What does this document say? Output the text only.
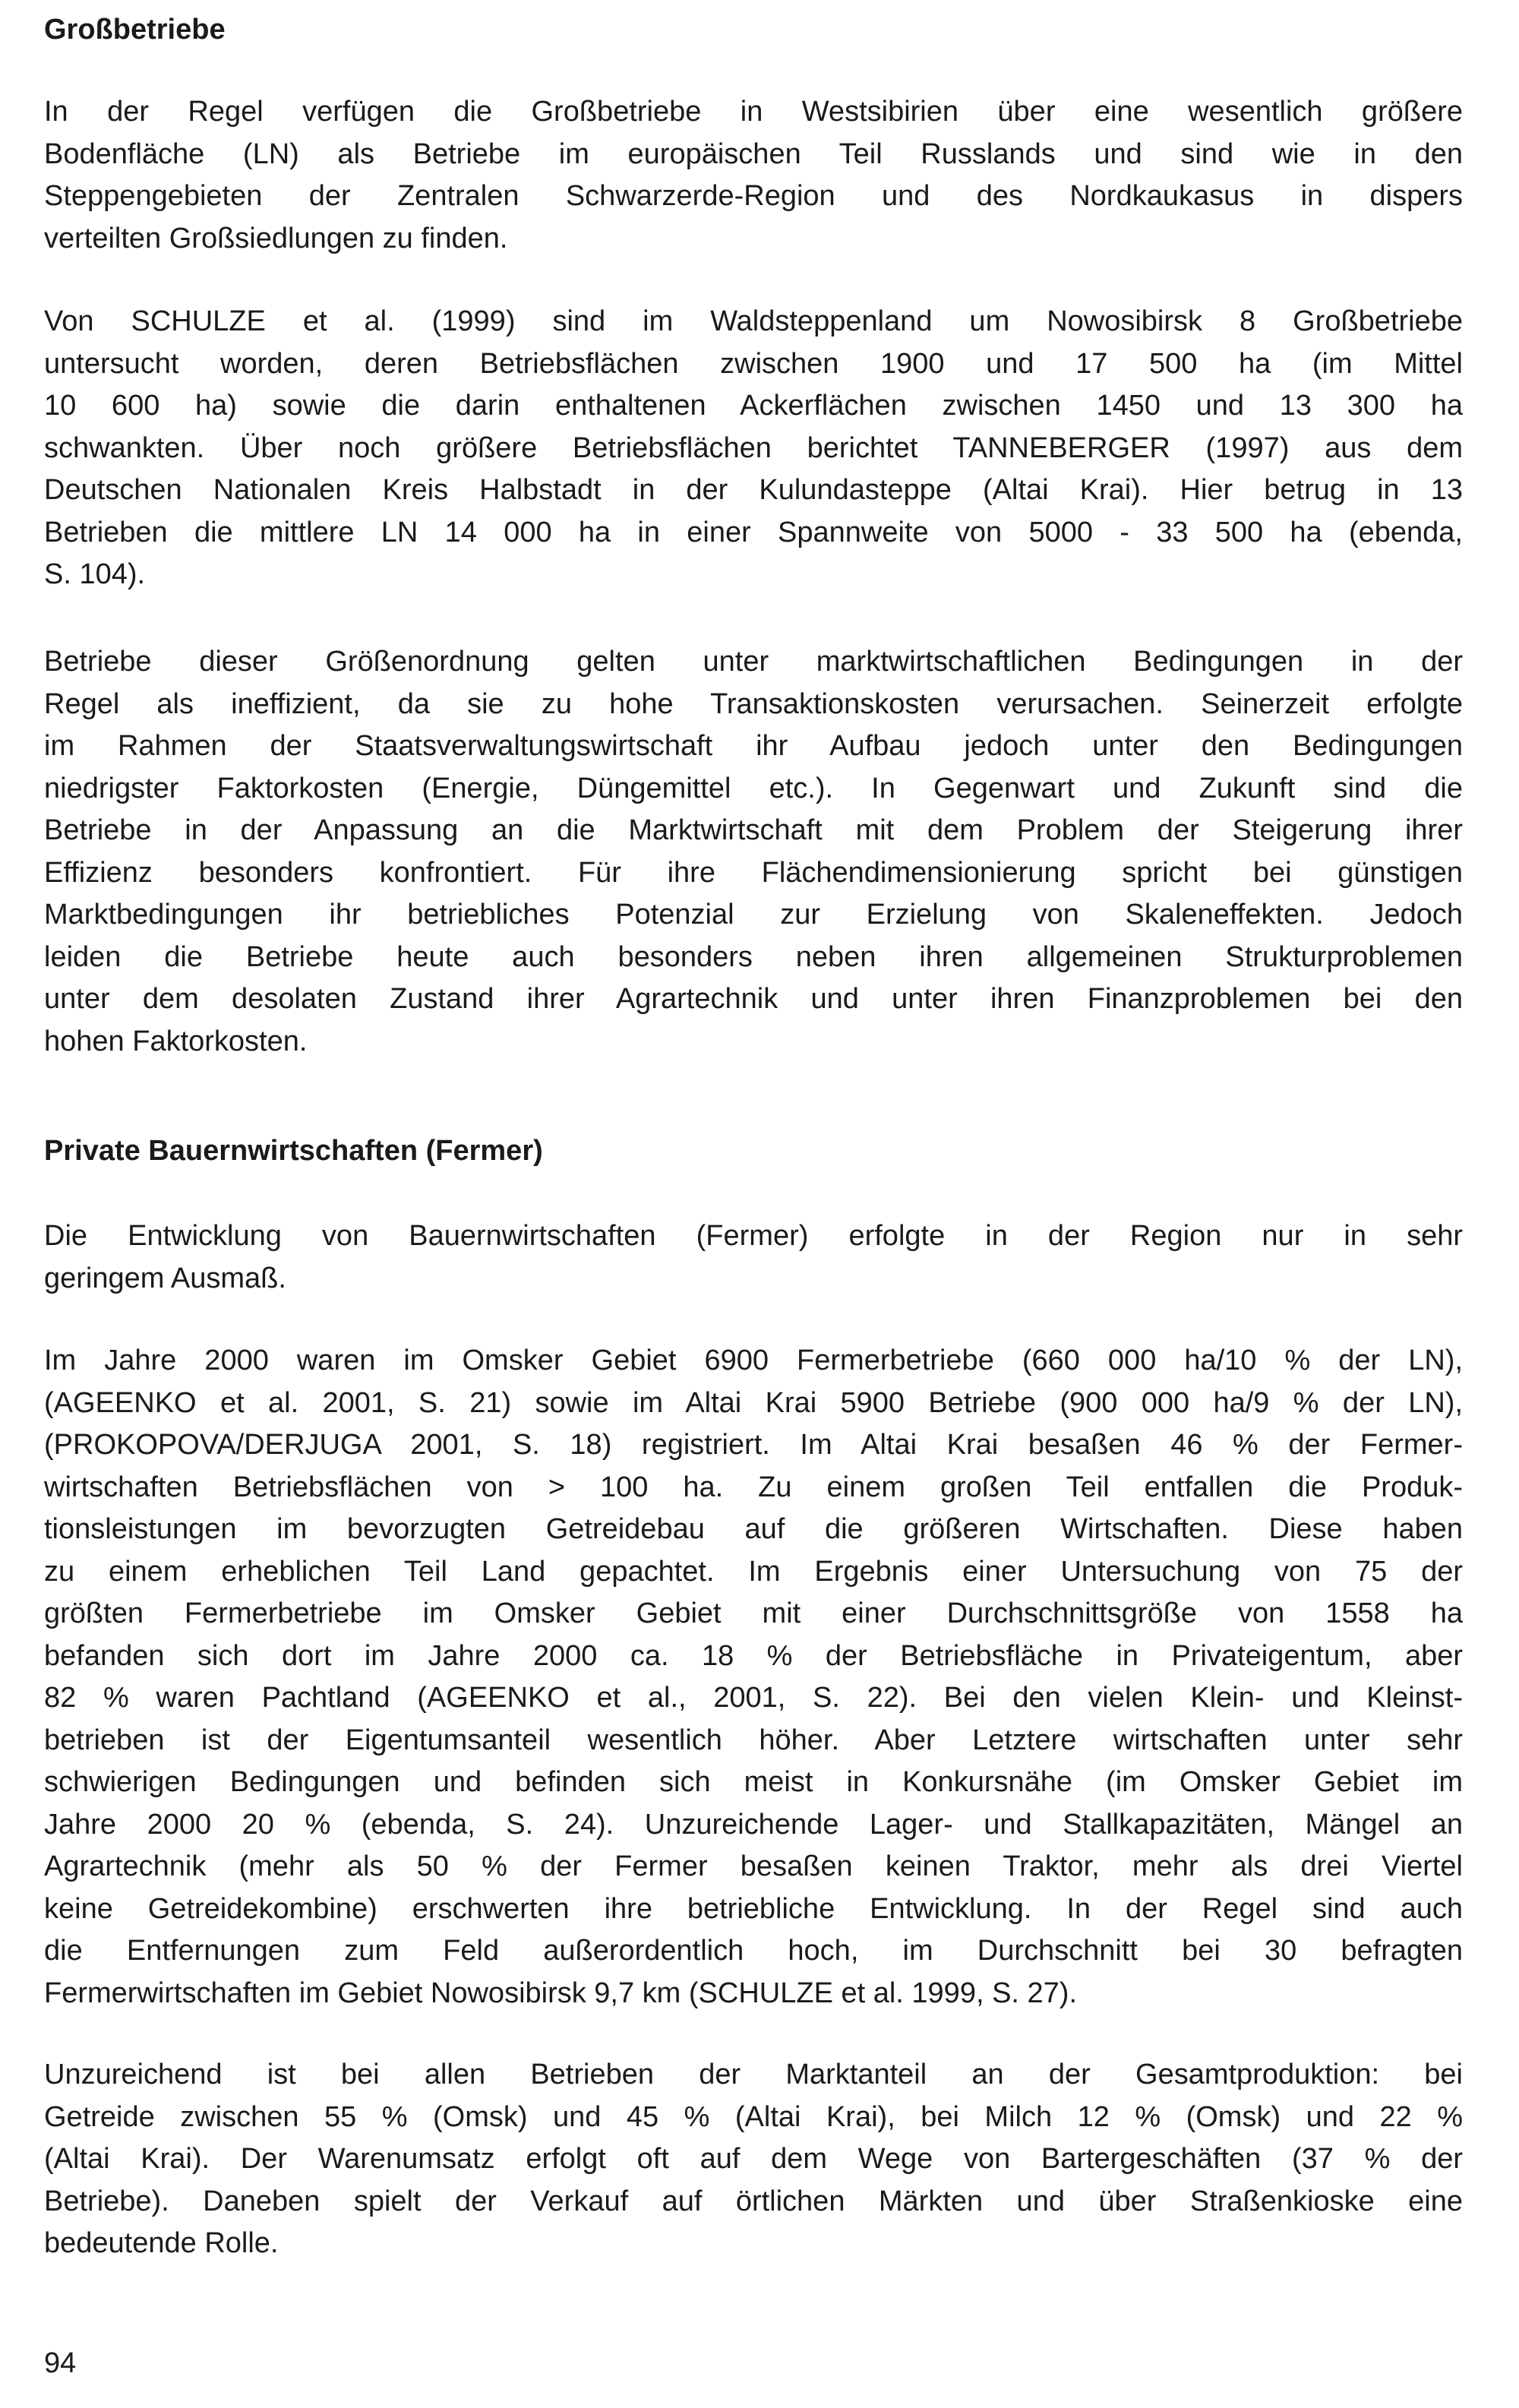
Großbetriebe
In der Regel verfügen die Großbetriebe in Westsibirien über eine wesentlich größere
Bodenfläche (LN) als Betriebe im europäischen Teil Russlands und sind wie in den
Steppengebieten der Zentralen Schwarzerde-Region und des Nordkaukasus in dispers
verteilten Großsiedlungen zu finden.
Von SCHULZE et al. (1999) sind im Waldsteppenland um Nowosibirsk 8 Großbetriebe
untersucht worden, deren Betriebsflächen zwischen 1900 und 17 500 ha (im Mittel
10 600 ha) sowie die darin enthaltenen Ackerflächen zwischen 1450 und 13 300 ha
schwankten. Über noch größere Betriebsflächen berichtet TANNEBERGER (1997) aus dem
Deutschen Nationalen Kreis Halbstadt in der Kulundasteppe (Altai Krai). Hier betrug in 13
Betrieben die mittlere LN 14 000 ha in einer Spannweite von 5000 - 33 500 ha (ebenda,
S. 104).
Betriebe dieser Größenordnung gelten unter marktwirtschaftlichen Bedingungen in der
Regel als ineffizient, da sie zu hohe Transaktionskosten verursachen. Seinerzeit erfolgte
im Rahmen der Staatsverwaltungswirtschaft ihr Aufbau jedoch unter den Bedingungen
niedrigster Faktorkosten (Energie, Düngemittel etc.). In Gegenwart und Zukunft sind die
Betriebe in der Anpassung an die Marktwirtschaft mit dem Problem der Steigerung ihrer
Effizienz besonders konfrontiert. Für ihre Flächendimensionierung spricht bei günstigen
Marktbedingungen ihr betriebliches Potenzial zur Erzielung von Skaleneffekten. Jedoch
leiden die Betriebe heute auch besonders neben ihren allgemeinen Strukturproblemen
unter dem desolaten Zustand ihrer Agrartechnik und unter ihren Finanzproblemen bei den
hohen Faktorkosten.
Private Bauernwirtschaften (Fermer)
Die Entwicklung von Bauernwirtschaften (Fermer) erfolgte in der Region nur in sehr
geringem Ausmaß.
Im Jahre 2000 waren im Omsker Gebiet 6900 Fermerbetriebe (660 000 ha/10 % der LN),
(AGEENKO et al. 2001, S. 21) sowie im Altai Krai 5900 Betriebe (900 000 ha/9 % der LN),
(PROKOPOVA/DERJUGA 2001, S. 18) registriert. Im Altai Krai besaßen 46 % der Fermer-
wirtschaften Betriebsflächen von > 100 ha. Zu einem großen Teil entfallen die Produk-
tionsleistungen im bevorzugten Getreidebau auf die größeren Wirtschaften. Diese haben
zu einem erheblichen Teil Land gepachtet. Im Ergebnis einer Untersuchung von 75 der
größten Fermerbetriebe im Omsker Gebiet mit einer Durchschnittsgröße von 1558 ha
befanden sich dort im Jahre 2000 ca. 18 % der Betriebsfläche in Privateigentum, aber
82 % waren Pachtland (AGEENKO et al., 2001, S. 22). Bei den vielen Klein- und Kleinst-
betrieben ist der Eigentumsanteil wesentlich höher. Aber Letztere wirtschaften unter sehr
schwierigen Bedingungen und befinden sich meist in Konkursnähe (im Omsker Gebiet im
Jahre 2000 20 % (ebenda, S. 24). Unzureichende Lager- und Stallkapazitäten, Mängel an
Agrartechnik (mehr als 50 % der Fermer besaßen keinen Traktor, mehr als drei Viertel
keine Getreidekombine) erschwerten ihre betriebliche Entwicklung. In der Regel sind auch
die Entfernungen zum Feld außerordentlich hoch, im Durchschnitt bei 30 befragten
Fermerwirtschaften im Gebiet Nowosibirsk 9,7 km (SCHULZE et al. 1999, S. 27).
Unzureichend ist bei allen Betrieben der Marktanteil an der Gesamtproduktion: bei
Getreide zwischen 55 % (Omsk) und 45 % (Altai Krai), bei Milch 12 % (Omsk) und 22 %
(Altai Krai). Der Warenumsatz erfolgt oft auf dem Wege von Bartergeschäften (37 % der
Betriebe). Daneben spielt der Verkauf auf örtlichen Märkten und über Straßenkioske eine
bedeutende Rolle.
94
